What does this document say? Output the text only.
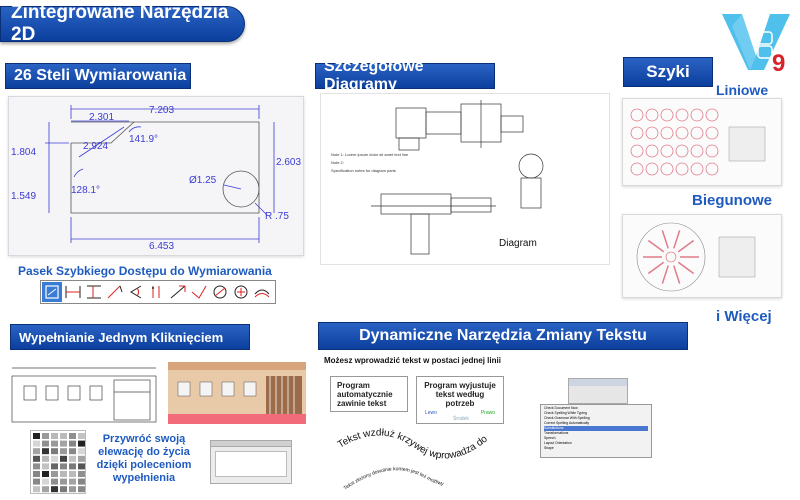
Zintegrowane Narzędzia 2D
9
26 Steli Wymiarowania
7.203
2.301
2.924
141.9°
1.804
1.549
128.1°
2.603
Ø1.25
R .75
6.453
Pasek Szybkiego Dostępu do Wymiarowania
Szczegółowe Diagramy
Note 1: Lorem ipsum dolor sit amet text line
Note 2:
Specification notes for diagram parts
Diagram
Szyki
Liniowe
Biegunowe
i Więcej
Wypełnianie Jednym Kliknięciem
Przywróć swoją
elewację do życia
dzięki poleceniom
wypełnienia
Dynamiczne Narzędzia Zmiany Tekstu
Możesz wprowadzić tekst w postaci jednej linii
Program automatycznie zawinie tekst
Program wyjustuje tekst według potrzeb
Lewo
Środek
Prawo
Tekst wzdłuż krzywej wprowadza do
Tekst złożony dowolnie kontem jest też możliwy
Check Document Now
Check Spelling While Typing
Check Grammar With Spelling
Correct Spelling Automatically
Substitutions
Transformations
Speech
Layout Orientation
Shape
